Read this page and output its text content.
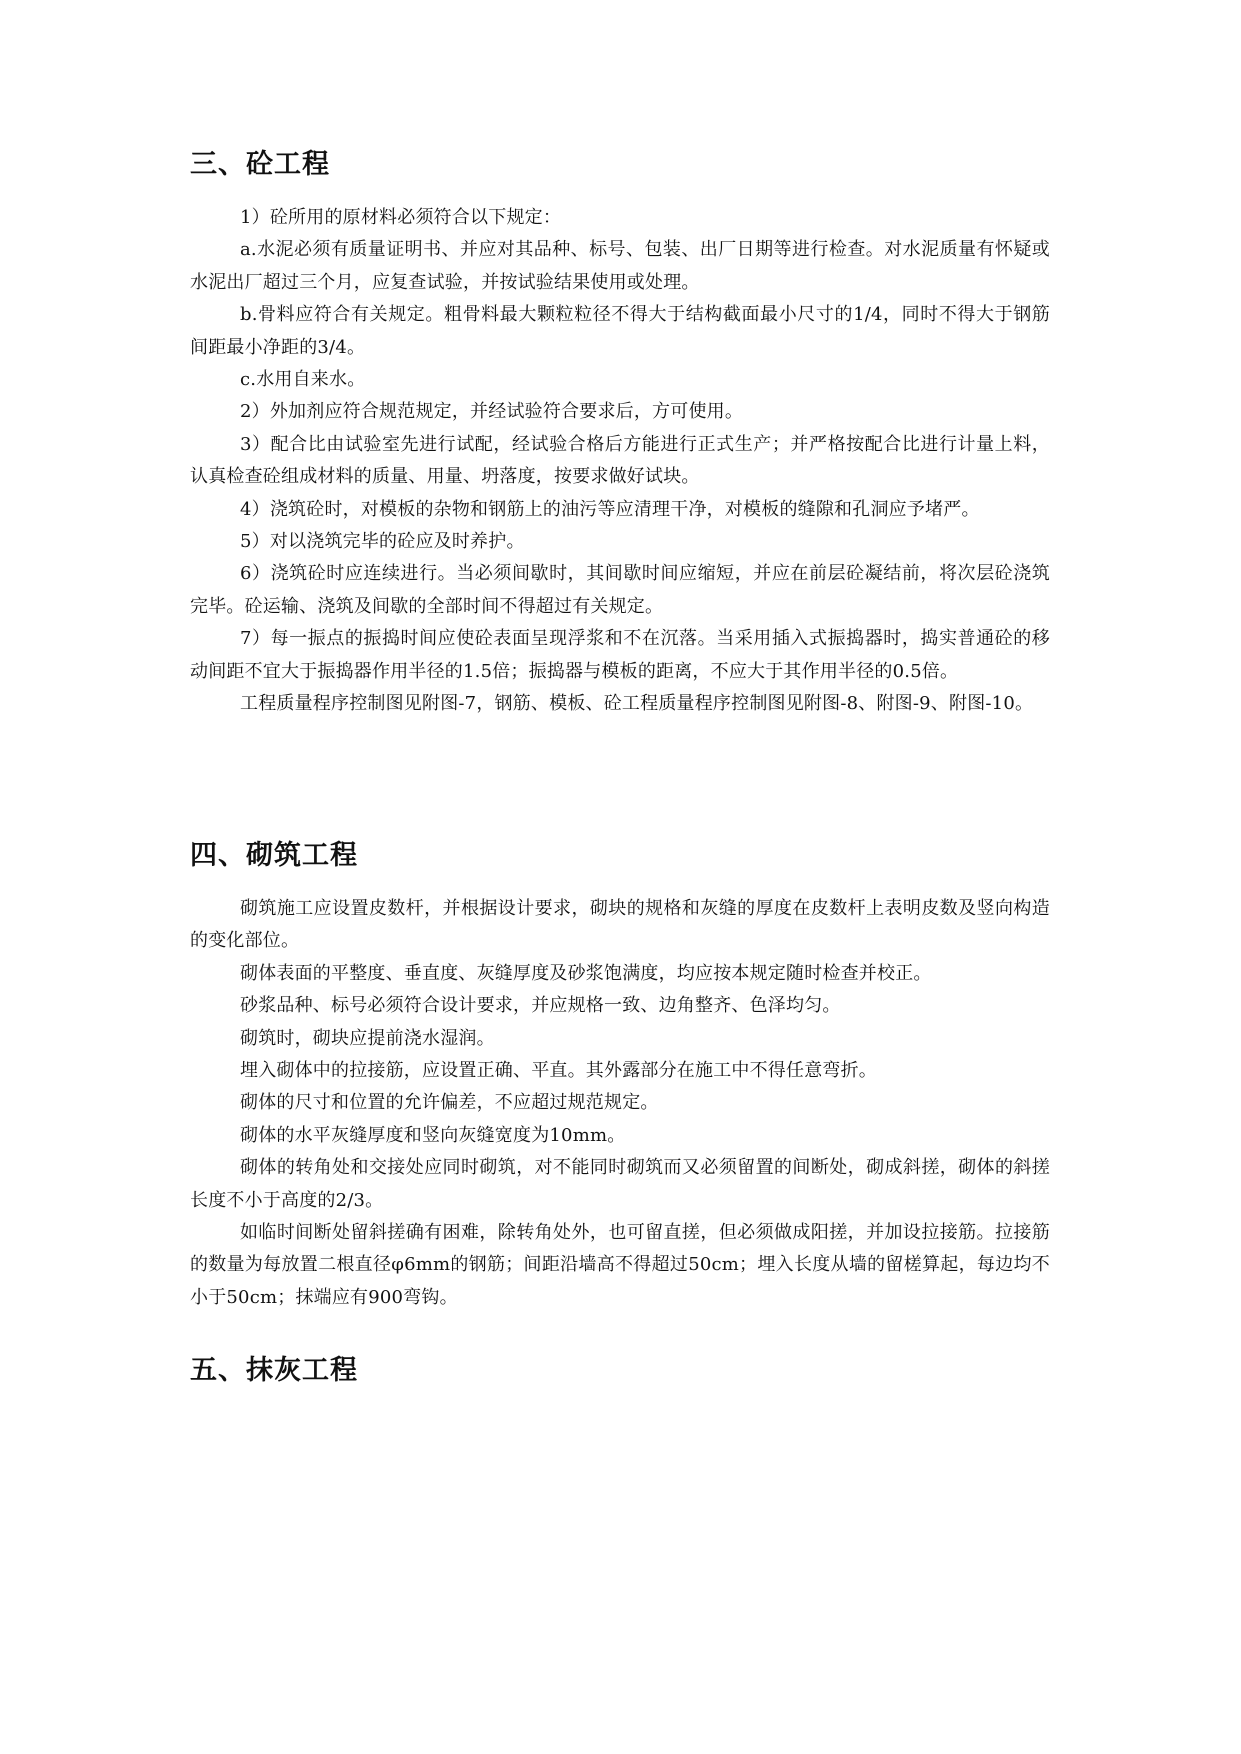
三、砼工程

1）砼所用的原材料必须符合以下规定：

a.水泥必须有质量证明书、并应对其品种、标号、包装、出厂日期等进行检查。对水泥质量有怀疑或水泥出厂超过三个月，应复查试验，并按试验结果使用或处理。

b.骨料应符合有关规定。粗骨料最大颗粒粒径不得大于结构截面最小尺寸的1/4，同时不得大于钢筋间距最小净距的3/4。

c.水用自来水。

2）外加剂应符合规范规定，并经试验符合要求后，方可使用。

3）配合比由试验室先进行试配，经试验合格后方能进行正式生产；并严格按配合比进行计量上料，认真检查砼组成材料的质量、用量、坍落度，按要求做好试块。

4）浇筑砼时，对模板的杂物和钢筋上的油污等应清理干净，对模板的缝隙和孔洞应予堵严。

5）对以浇筑完毕的砼应及时养护。

6）浇筑砼时应连续进行。当必须间歇时，其间歇时间应缩短，并应在前层砼凝结前，将次层砼浇筑完毕。砼运输、浇筑及间歇的全部时间不得超过有关规定。

7）每一振点的振捣时间应使砼表面呈现浮浆和不在沉落。当采用插入式振捣器时，捣实普通砼的移动间距不宜大于振捣器作用半径的1.5倍；振捣器与模板的距离，不应大于其作用半径的0.5倍。

工程质量程序控制图见附图-7，钢筋、模板、砼工程质量程序控制图见附图-8、附图-9、附图-10。

四、砌筑工程

砌筑施工应设置皮数杆，并根据设计要求，砌块的规格和灰缝的厚度在皮数杆上表明皮数及竖向构造的变化部位。

砌体表面的平整度、垂直度、灰缝厚度及砂浆饱满度，均应按本规定随时检查并校正。

砂浆品种、标号必须符合设计要求，并应规格一致、边角整齐、色泽均匀。

砌筑时，砌块应提前浇水湿润。

埋入砌体中的拉接筋，应设置正确、平直。其外露部分在施工中不得任意弯折。

砌体的尺寸和位置的允许偏差，不应超过规范规定。

砌体的水平灰缝厚度和竖向灰缝宽度为10mm。

砌体的转角处和交接处应同时砌筑，对不能同时砌筑而又必须留置的间断处，砌成斜搓，砌体的斜搓长度不小于高度的2/3。

如临时间断处留斜搓确有困难，除转角处外，也可留直搓，但必须做成阳搓，并加设拉接筋。拉接筋的数量为每放置二根直径φ6mm的钢筋；间距沿墙高不得超过50cm；埋入长度从墙的留槎算起，每边均不小于50cm；抹端应有900弯钩。

五、抹灰工程
